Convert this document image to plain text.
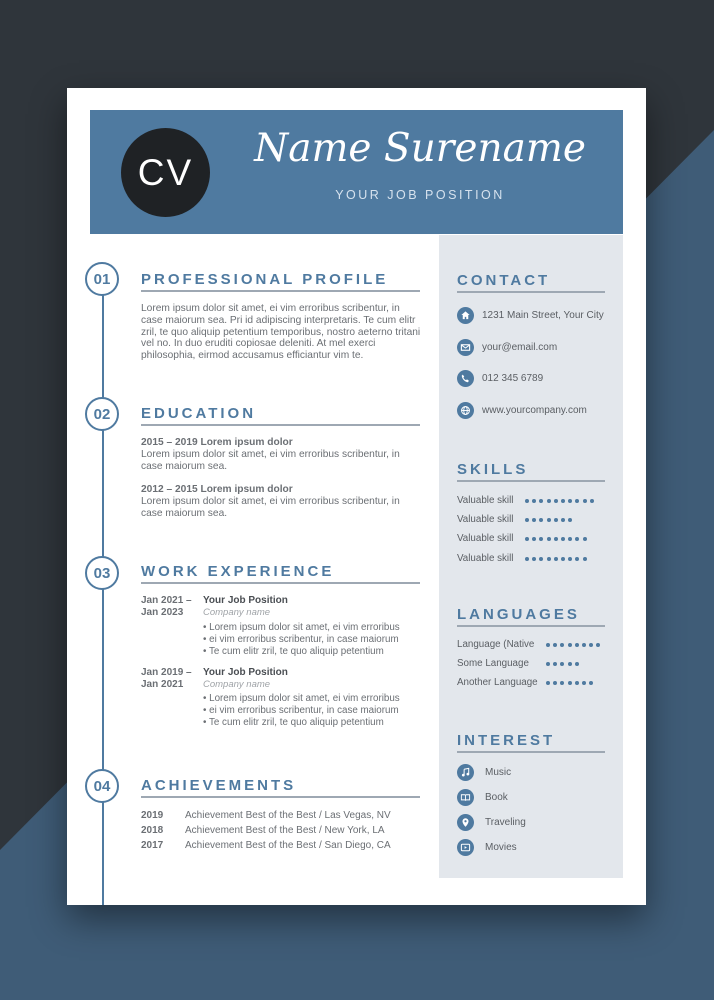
CV
Name Surename
YOUR JOB POSITION
01	PROFESSIONAL PROFILE
Lorem ipsum dolor sit amet, ei vim erroribus scribentur, in case maiorum sea. Pri id adipiscing interpretaris. Te cum elitr zril, te quo aliquip petentium temporibus, nostro aeterno tritani vel no. In duo eruditi copiosae deleniti. At mel exerci philosophia, eirmod accusamus efficiantur vim te.
02	EDUCATION
2015 – 2019 Lorem ipsum dolor
Lorem ipsum dolor sit amet, ei vim erroribus scribentur, in case maiorum sea.
2012 – 2015 Lorem ipsum dolor
Lorem ipsum dolor sit amet, ei vim erroribus scribentur, in case maiorum sea.
03	WORK EXPERIENCE
Jan 2021 –
Jan 2023
Your Job Position
Company name
• Lorem ipsum dolor sit amet, ei vim erroribus
• ei vim erroribus scribentur, in case maiorum
• Te cum elitr zril, te quo aliquip petentium
Jan 2019 –
Jan 2021
Your Job Position
Company name
• Lorem ipsum dolor sit amet, ei vim erroribus
• ei vim erroribus scribentur, in case maiorum
• Te cum elitr zril, te quo aliquip petentium
04	ACHIEVEMENTS
2019 Achievement Best of the Best / Las Vegas, NV
2018 Achievement Best of the Best / New York, LA
2017 Achievement Best of the Best / San Diego, CA
CONTACT
1231 Main Street, Your City
your@email.com
012 345 6789
www.yourcompany.com
SKILLS
Valuable skill
Valuable skill
Valuable skill
Valuable skill
LANGUAGES
Language (Native
Some Language
Another Language
INTEREST
Music
Book
Traveling
Movies
